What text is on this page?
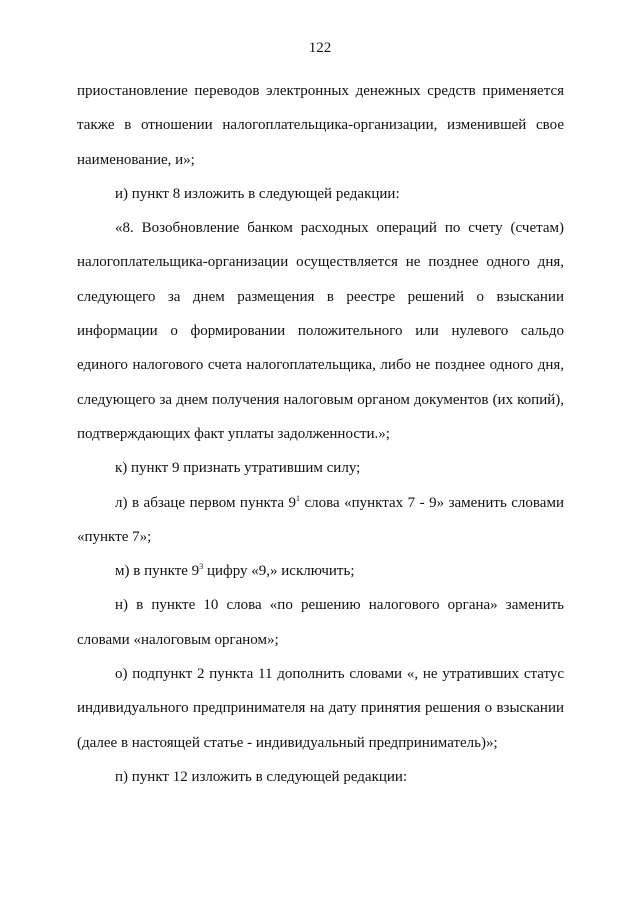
122

приостановление переводов электронных денежных средств применяется также в отношении налогоплательщика-организации, изменившей свое наименование, и»;

и) пункт 8 изложить в следующей редакции:

«8. Возобновление банком расходных операций по счету (счетам) налогоплательщика-организации осуществляется не позднее одного дня, следующего за днем размещения в реестре решений о взыскании информации о формировании положительного или нулевого сальдо единого налогового счета налогоплательщика, либо не позднее одного дня, следующего за днем получения налоговым органом документов (их копий), подтверждающих факт уплаты задолженности.»;

к) пункт 9 признать утратившим силу;

л) в абзаце первом пункта $9^1$ слова «пунктах 7 - 9» заменить словами «пункте 7»;

м) в пункте $9^3$ цифру «9,» исключить;

н) в пункте 10 слова «по решению налогового органа» заменить словами «налоговым органом»;

о) подпункт 2 пункта 11 дополнить словами «, не утративших статус индивидуального предпринимателя на дату принятия решения о взыскании (далее в настоящей статье - индивидуальный предприниматель)»;

п) пункт 12 изложить в следующей редакции:
